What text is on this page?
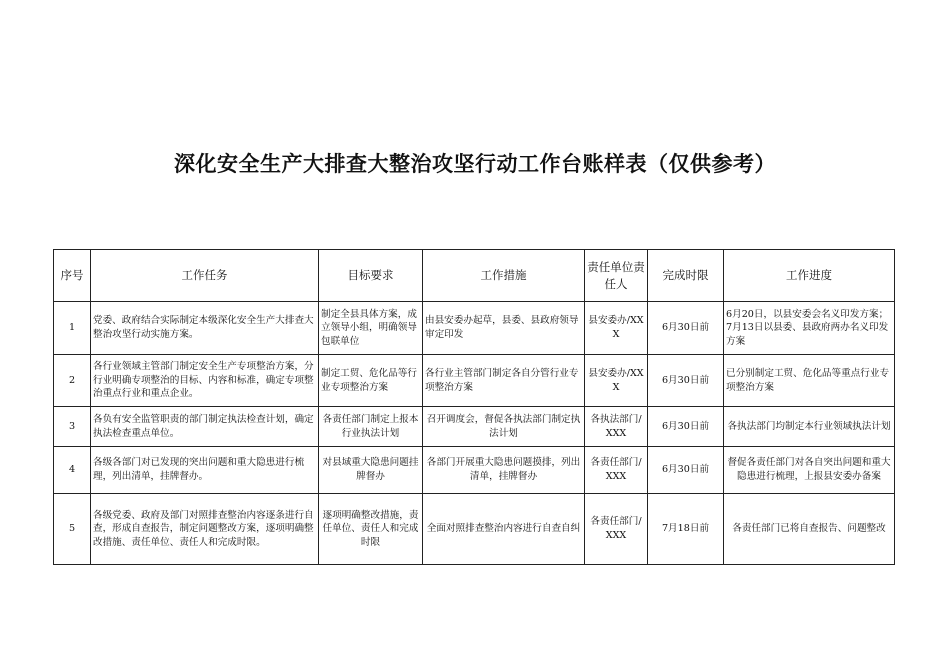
深化安全生产大排查大整治攻坚行动工作台账样表（仅供参考）
序号	工作任务	目标要求	工作措施	责任单位责任人	完成时限	工作进度
1	党委、政府结合实际制定本级深化安全生产大排查大整治攻坚行动实施方案。	制定全县具体方案，成立领导小组，明确领导包联单位	由县安委办起草，县委、县政府领导审定印发	县安委办/XXX	6月30日前	6月20日，以县安委会名义印发方案；7月13日以县委、县政府两办名义印发方案
2	各行业领域主管部门制定安全生产专项整治方案，分行业明确专项整治的目标、内容和标准，确定专项整治重点行业和重点企业。	制定工贸、危化品等行业专项整治方案	各行业主管部门制定各自分管行业专项整治方案	县安委办/XXX	6月30日前	已分别制定工贸、危化品等重点行业专项整治方案
3	各负有安全监管职责的部门制定执法检查计划，确定执法检查重点单位。	各责任部门制定上报本行业执法计划	召开调度会，督促各执法部门制定执法计划	各执法部门/XXX	6月30日前	各执法部门均制定本行业领域执法计划
4	各级各部门对已发现的突出问题和重大隐患进行梳理，列出清单，挂牌督办。	对县域重大隐患问题挂牌督办	各部门开展重大隐患问题摸排，列出清单，挂牌督办	各责任部门/XXX	6月30日前	督促各责任部门对各自突出问题和重大隐患进行梳理，上报县安委办备案
5	各级党委、政府及部门对照排查整治内容逐条进行自查，形成自查报告，制定问题整改方案，逐项明确整改措施、责任单位、责任人和完成时限。	逐项明确整改措施，责任单位、责任人和完成时限	全面对照排查整治内容进行自查自纠	各责任部门/XXX	7月18日前	各责任部门已将自查报告、问题整改
